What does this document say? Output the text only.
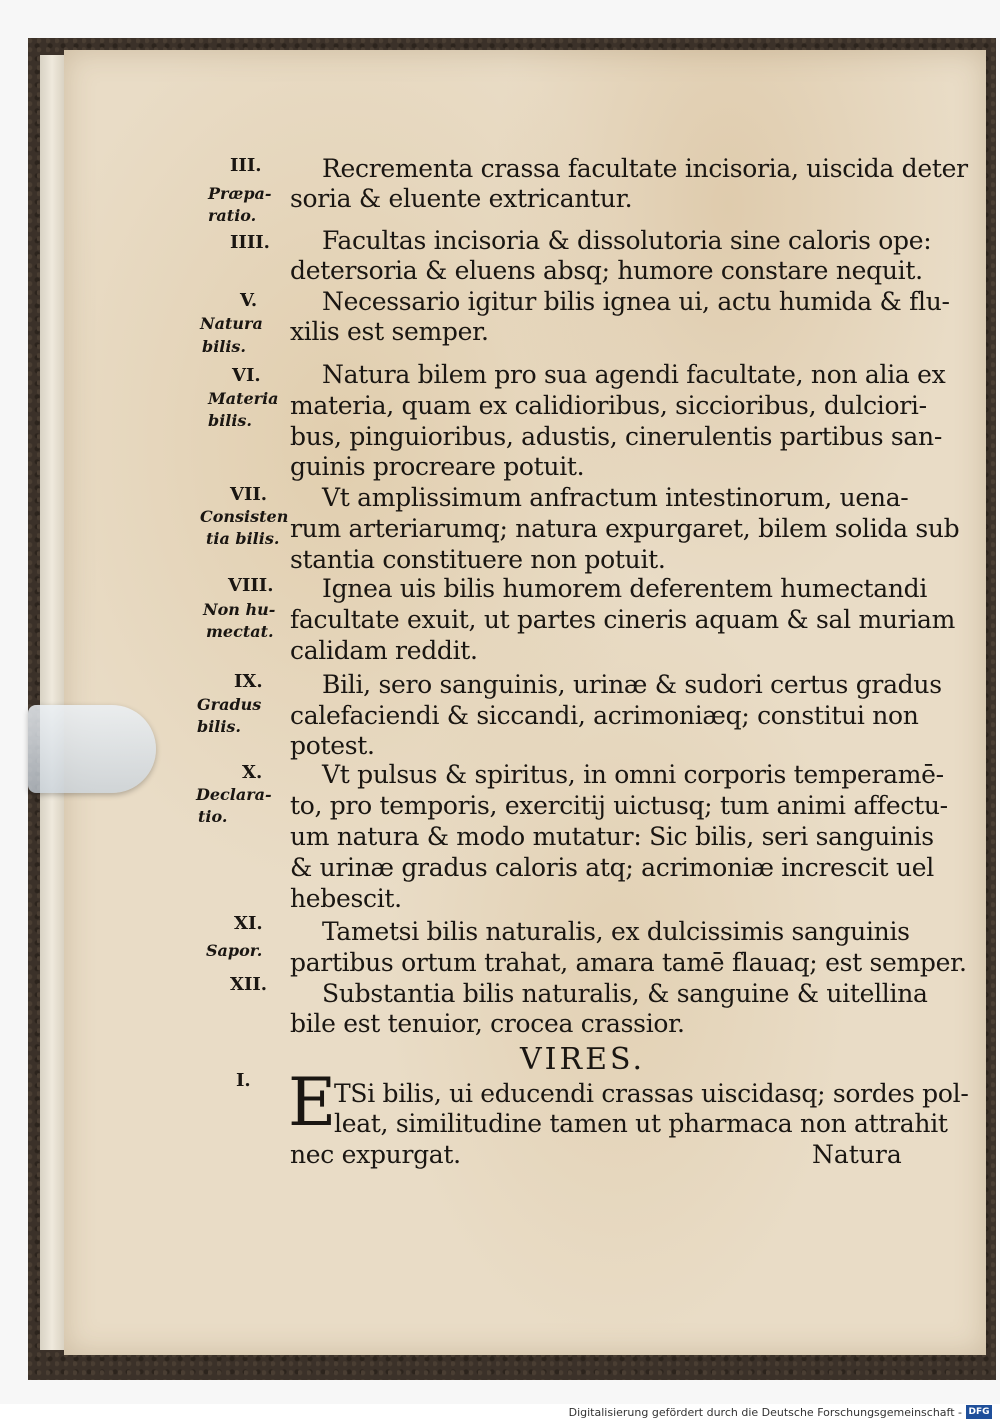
III.
IIII.
V.
VI.
VII.
VIII.
IX.
X.
XI.
XII.
I.
Præpa-
ratio.
Natura
bilis.
Materia
bilis.
Consisten
tia bilis.
Non hu-
mectat.
Gradus
bilis.
Declara-
tio.
Sapor.
Recrementa crassa facultate incisoria, uiscida deter
soria & eluente extricantur.
Facultas incisoria & dissolutoria sine caloris ope:
detersoria & eluens absq; humore constare nequit.
Necessario igitur bilis ignea ui, actu humida & flu-
xilis est semper.
Natura bilem pro sua agendi facultate, non alia ex
materia, quam ex calidioribus, siccioribus, dulciori-
bus, pinguioribus, adustis, cinerulentis partibus san-
guinis procreare potuit.
Vt amplissimum anfractum intestinorum, uena-
rum arteriarumq; natura expurgaret, bilem solida sub
stantia constituere non potuit.
Ignea uis bilis humorem deferentem humectandi
facultate exuit, ut partes cineris aquam & sal muriam
calidam reddit.
Bili, sero sanguinis, urinæ & sudori certus gradus
calefaciendi & siccandi, acrimoniæq; constitui non
potest.
Vt pulsus & spiritus, in omni corporis temperamē-
to, pro temporis, exercitij uictusq; tum animi affectu-
um natura & modo mutatur: Sic bilis, seri sanguinis
& urinæ gradus caloris atq; acrimoniæ increscit uel
hebescit.
Tametsi bilis naturalis, ex dulcissimis sanguinis
partibus ortum trahat, amara tamē flauaq; est semper.
Substantia bilis naturalis, & sanguine & uitellina
bile est tenuior, crocea crassior.
VIRES.
E
TSi bilis, ui educendi crassas uiscidasq; sordes pol-
leat, similitudine tamen ut pharmaca non attrahit
nec expurgat.	Natura
Digitalisierung gefördert durch die Deutsche Forschungsgemeinschaft - DFG
